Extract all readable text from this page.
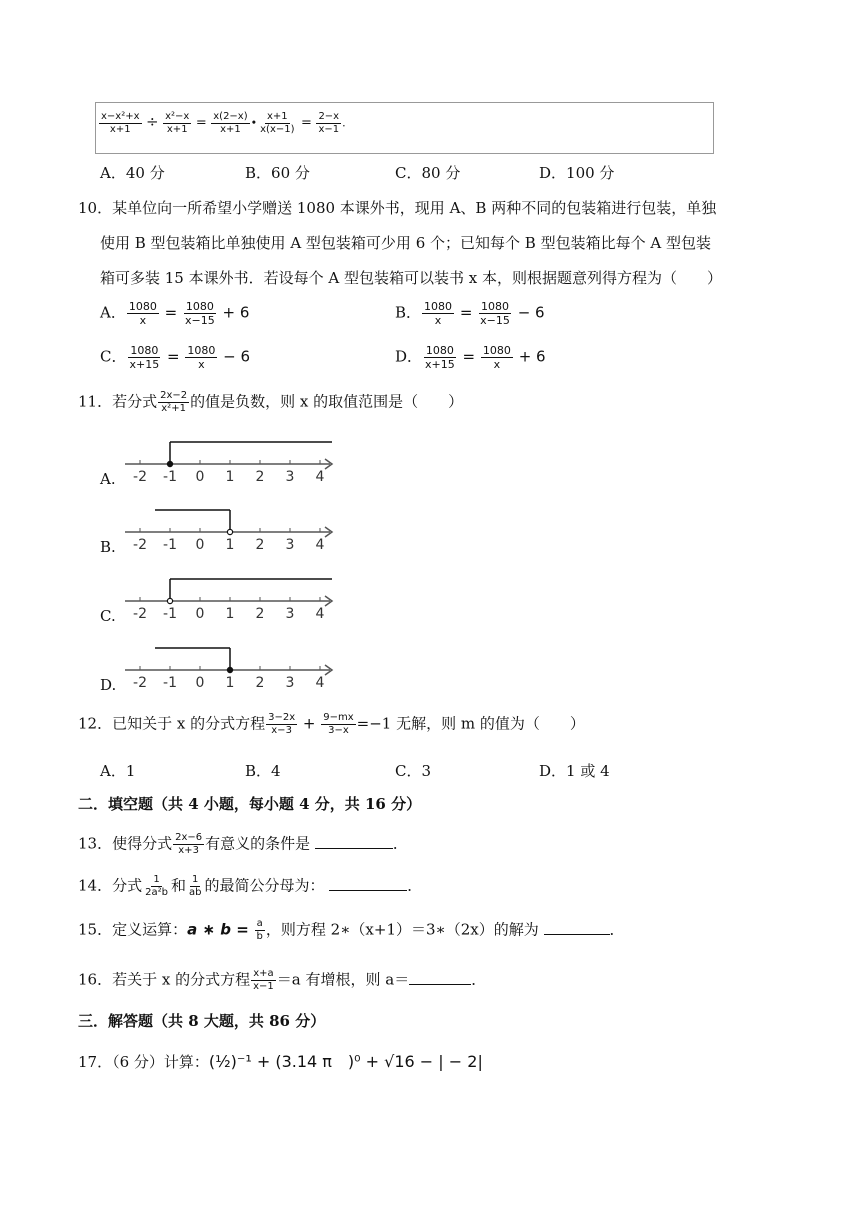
$\frac{\text{x−x²+x}}{x+1} \div \frac{\text{x²−x}}{x+1} = \frac{x(2-x)}{x+1}$ • $\frac{x+1}{x(x-1)} = \frac{2-x}{x-1}$ .
A．40 分	B．60 分	C．80 分	D．100 分
10．某单位向一所希望小学赠送 1080 本课外书，现用 A、B 两种不同的包装箱进行包装，单独
使用 B 型包装箱比单独使用 A 型包装箱可少用 6 个；已知每个 B 型包装箱比每个 A 型包装
箱可多装 15 本课外书．若设每个 A 型包装箱可以装书 x 本，则根据题意列得方程为（　　）
A． $\frac{1080}{x} = \frac{1080}{x-15} + 6$	B． $\frac{1080}{x} = \frac{1080}{x-15} - 6$
C． $\frac{1080}{x+15} = \frac{1080}{x} - 6$	D． $\frac{1080}{x+15} = \frac{1080}{x} + 6$
11．若分式 $\frac{2x-2}{\text{x²+1}}$ 的值是负数，则 x 的取值范围是（　　）
A. -2 -1 0 1 2 3 4
B. -2 -1 0 1 2 3 4
C. -2 -1 0 1 2 3 4
D. -2 -1 0 1 2 3 4
12．已知关于 x 的分式方程 $\frac{3-2x}{x-3} + \frac{9-mx}{3-x} =-1$ 无解，则 m 的值为（　　）
A．1	B．4	C．3	D．1 或 4
二．填空题（共 4 小题，每小题 4 分，共 16 分）
13．使得分式 $\frac{2x-6}{x+3}$ 有意义的条件是	．
14．分式 $\frac{1}{\text{2a²b}}$ 和 $\frac{1}{ab}$ 的最简公分母为：	．
15．定义运算：a ∗ $b = \frac{a}{b}$ ，则方程 2∗（x+1）＝3∗（2x）的解为	．
16．若关于 x 的分式方程 $\frac{x+a}{x-1} =a$ 有增根，则 a＝	．
三．解答题（共 8 大题，共 86 分）
17．（6 分）计算：(½)⁻¹ + (3.14 π　)⁰ + √16 − | − 2|
